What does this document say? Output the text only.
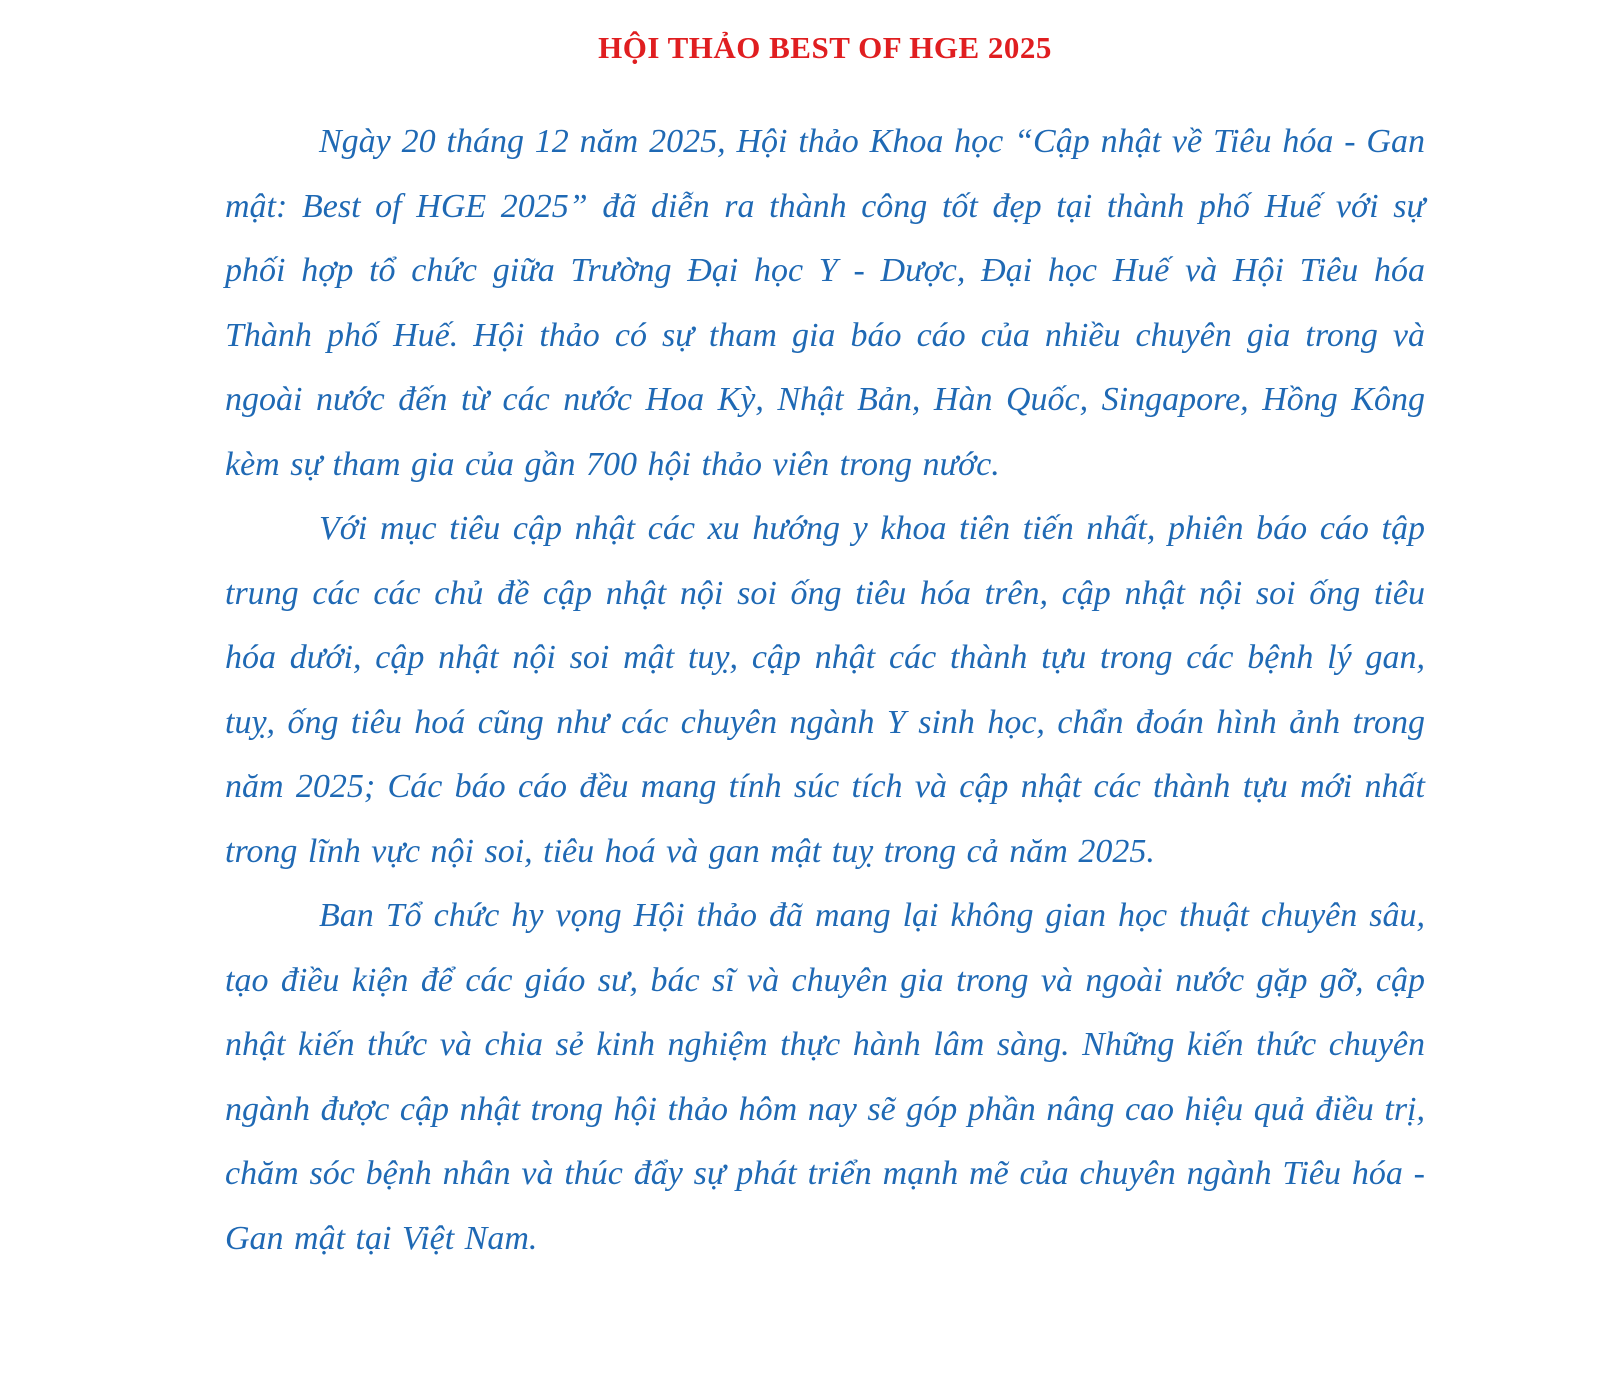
HỘI THẢO BEST OF HGE 2025

Ngày 20 tháng 12 năm 2025, Hội thảo Khoa học “Cập nhật về Tiêu hóa - Gan mật: Best of HGE 2025” đã diễn ra thành công tốt đẹp tại thành phố Huế với sự phối hợp tổ chức giữa Trường Đại học Y - Dược, Đại học Huế và Hội Tiêu hóa Thành phố Huế. Hội thảo có sự tham gia báo cáo của nhiều chuyên gia trong và ngoài nước đến từ các nước Hoa Kỳ, Nhật Bản, Hàn Quốc, Singapore, Hồng Kông kèm sự tham gia của gần 700 hội thảo viên trong nước.

Với mục tiêu cập nhật các xu hướng y khoa tiên tiến nhất, phiên báo cáo tập trung các các chủ đề cập nhật nội soi ống tiêu hóa trên, cập nhật nội soi ống tiêu hóa dưới, cập nhật nội soi mật tuỵ, cập nhật các thành tựu trong các bệnh lý gan, tuỵ, ống tiêu hoá cũng như các chuyên ngành Y sinh học, chẩn đoán hình ảnh trong năm 2025; Các báo cáo đều mang tính súc tích và cập nhật các thành tựu mới nhất trong lĩnh vực nội soi, tiêu hoá và gan mật tuỵ trong cả năm 2025.

Ban Tổ chức hy vọng Hội thảo đã mang lại không gian học thuật chuyên sâu, tạo điều kiện để các giáo sư, bác sĩ và chuyên gia trong và ngoài nước gặp gỡ, cập nhật kiến thức và chia sẻ kinh nghiệm thực hành lâm sàng. Những kiến thức chuyên ngành được cập nhật trong hội thảo hôm nay sẽ góp phần nâng cao hiệu quả điều trị, chăm sóc bệnh nhân và thúc đẩy sự phát triển mạnh mẽ của chuyên ngành Tiêu hóa - Gan mật tại Việt Nam.
